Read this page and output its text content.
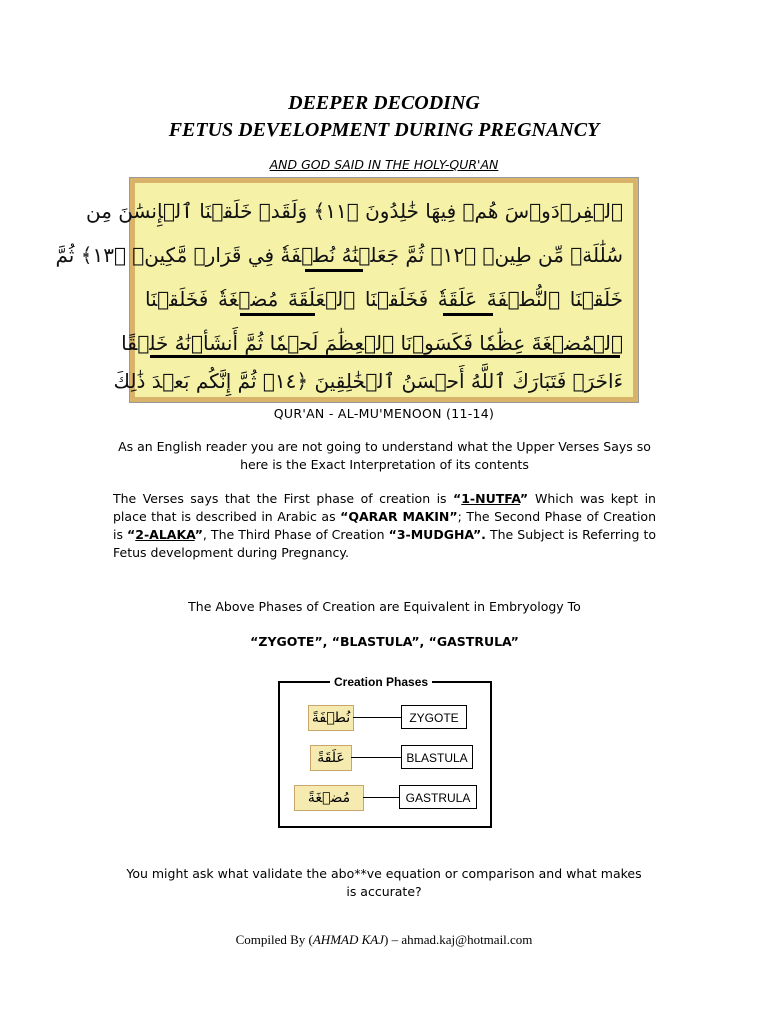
DEEPER DECODING
FETUS DEVELOPMENT DURING PREGNANCY
AND GOD SAID IN THE HOLY-QUR'AN
ٱلۡفِرۡدَوۡسَ هُمۡ فِيهَا خَٰلِدُونَ ﴿١١﴾ وَلَقَدۡ خَلَقۡنَا ٱلۡإِنسَٰنَ مِن
سُلَٰلَةٖ مِّن طِينٖ ﴿١٢﴾ ثُمَّ جَعَلۡنَٰهُ نُطۡفَةٗ فِي قَرَارٖ مَّكِينٖ ﴿١٣﴾ ثُمَّ
خَلَقۡنَا ٱلنُّطۡفَةَ عَلَقَةٗ فَخَلَقۡنَا ٱلۡعَلَقَةَ مُضۡغَةٗ فَخَلَقۡنَا
ٱلۡمُضۡغَةَ عِظَٰمٗا فَكَسَوۡنَا ٱلۡعِظَٰمَ لَحۡمٗا ثُمَّ أَنشَأۡنَٰهُ خَلۡقًا
ءَاخَرَۚ فَتَبَارَكَ ٱللَّهُ أَحۡسَنُ ٱلۡخَٰلِقِينَ ﴿١٤﴾ ثُمَّ إِنَّكُم بَعۡدَ ذَٰلِكَ
QUR'AN - AL-MU'MENOON (11-14)
As an English reader you are not going to understand what the Upper Verses Says so here is the Exact Interpretation of its contents
The Verses says that the First phase of creation is “1-NUTFA” Which was kept in place that is described in Arabic as “QARAR MAKIN”; The Second Phase of Creation is “2-ALAKA”, The Third Phase of Creation “3-MUDGHA”. The Subject is Referring to Fetus development during Pregnancy.
The Above Phases of Creation are Equivalent in Embryology To
“ZYGOTE”, “BLASTULA”, “GASTRULA”
Creation Phases
نُطۡفَةً	ZYGOTE
عَلَقَةً	BLASTULA
مُضۡغَةً	GASTRULA
You might ask what validate the abo**ve equation or comparison and what makes is accurate?
Compiled By (AHMAD KAJ) – ahmad.kaj@hotmail.com
